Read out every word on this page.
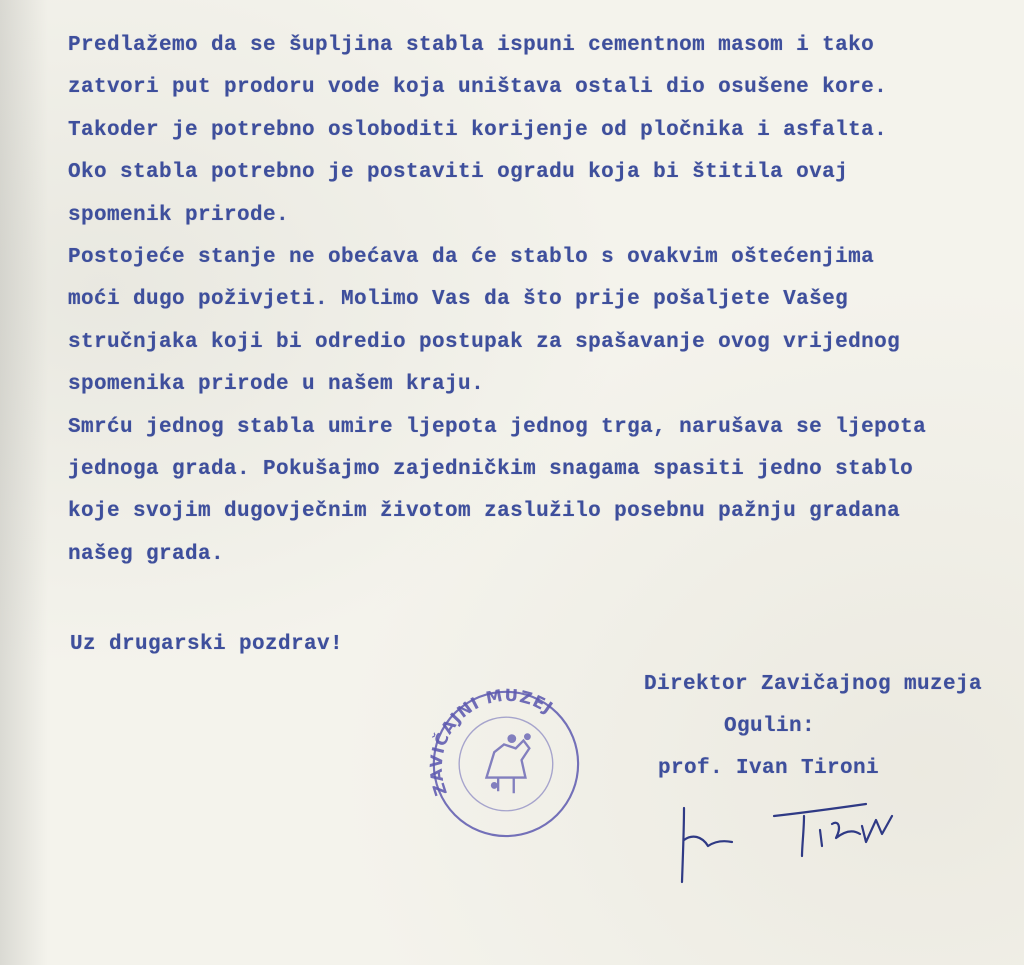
Predlažemo da se šupljina stabla ispuni cementnom masom i tako
zatvori put prodoru vode koja uništava ostali dio osušene kore.
Takoder je potrebno osloboditi korijenje od pločnika i asfalta.
Oko stabla potrebno je postaviti ogradu koja bi štitila ovaj
spomenik prirode.
Postojeće stanje ne obećava da će stablo s ovakvim oštećenjima
moći dugo poživjeti. Molimo Vas da što prije pošaljete Vašeg
stručnjaka koji bi odredio postupak za spašavanje ovog vrijednog
spomenika prirode u našem kraju.
Smrću jednog stabla umire ljepota jednog trga, narušava se ljepota
jednoga grada. Pokušajmo zajedničkim snagama spasiti jedno stablo
koje svojim dugovječnim životom zaslužilo posebnu pažnju gradana
našeg grada.
Uz drugarski pozdrav!
ZAVIČAJNI MUZEJ
Direktor Zavičajnog muzeja
Ogulin:
prof. Ivan Tironi
